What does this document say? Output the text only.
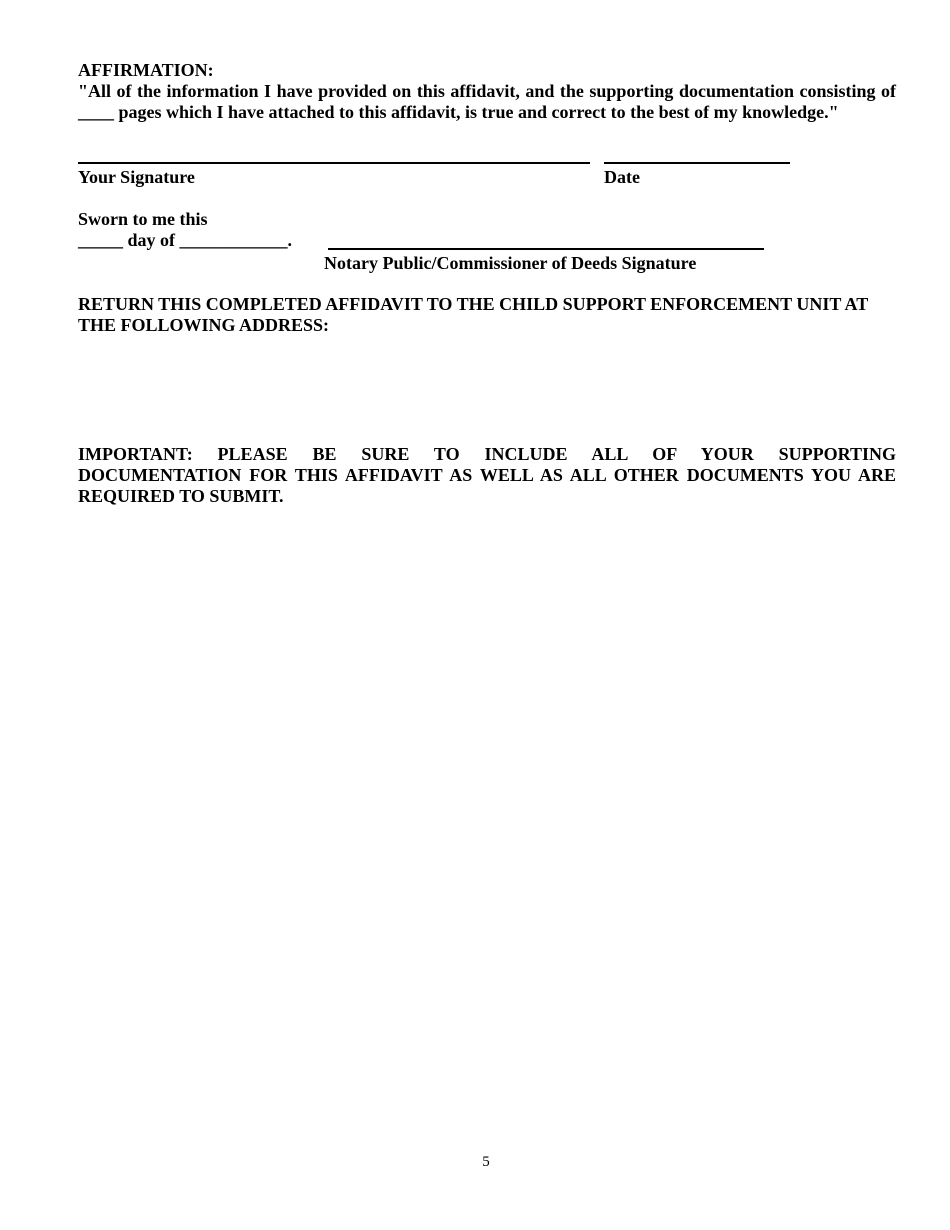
AFFIRMATION:
"All of the information I have provided on this affidavit, and the supporting documentation consisting of ____ pages which I have attached to this affidavit, is true and correct to the best of my knowledge."
Your Signature	Date
Sworn to me this
_____ day of ____________.
Notary Public/Commissioner of Deeds Signature
RETURN THIS COMPLETED AFFIDAVIT TO THE CHILD SUPPORT ENFORCEMENT UNIT AT THE FOLLOWING ADDRESS:
IMPORTANT: PLEASE BE SURE TO INCLUDE ALL OF YOUR SUPPORTING
DOCUMENTATION FOR THIS AFFIDAVIT AS WELL AS ALL OTHER DOCUMENTS YOU ARE REQUIRED TO SUBMIT.
5
